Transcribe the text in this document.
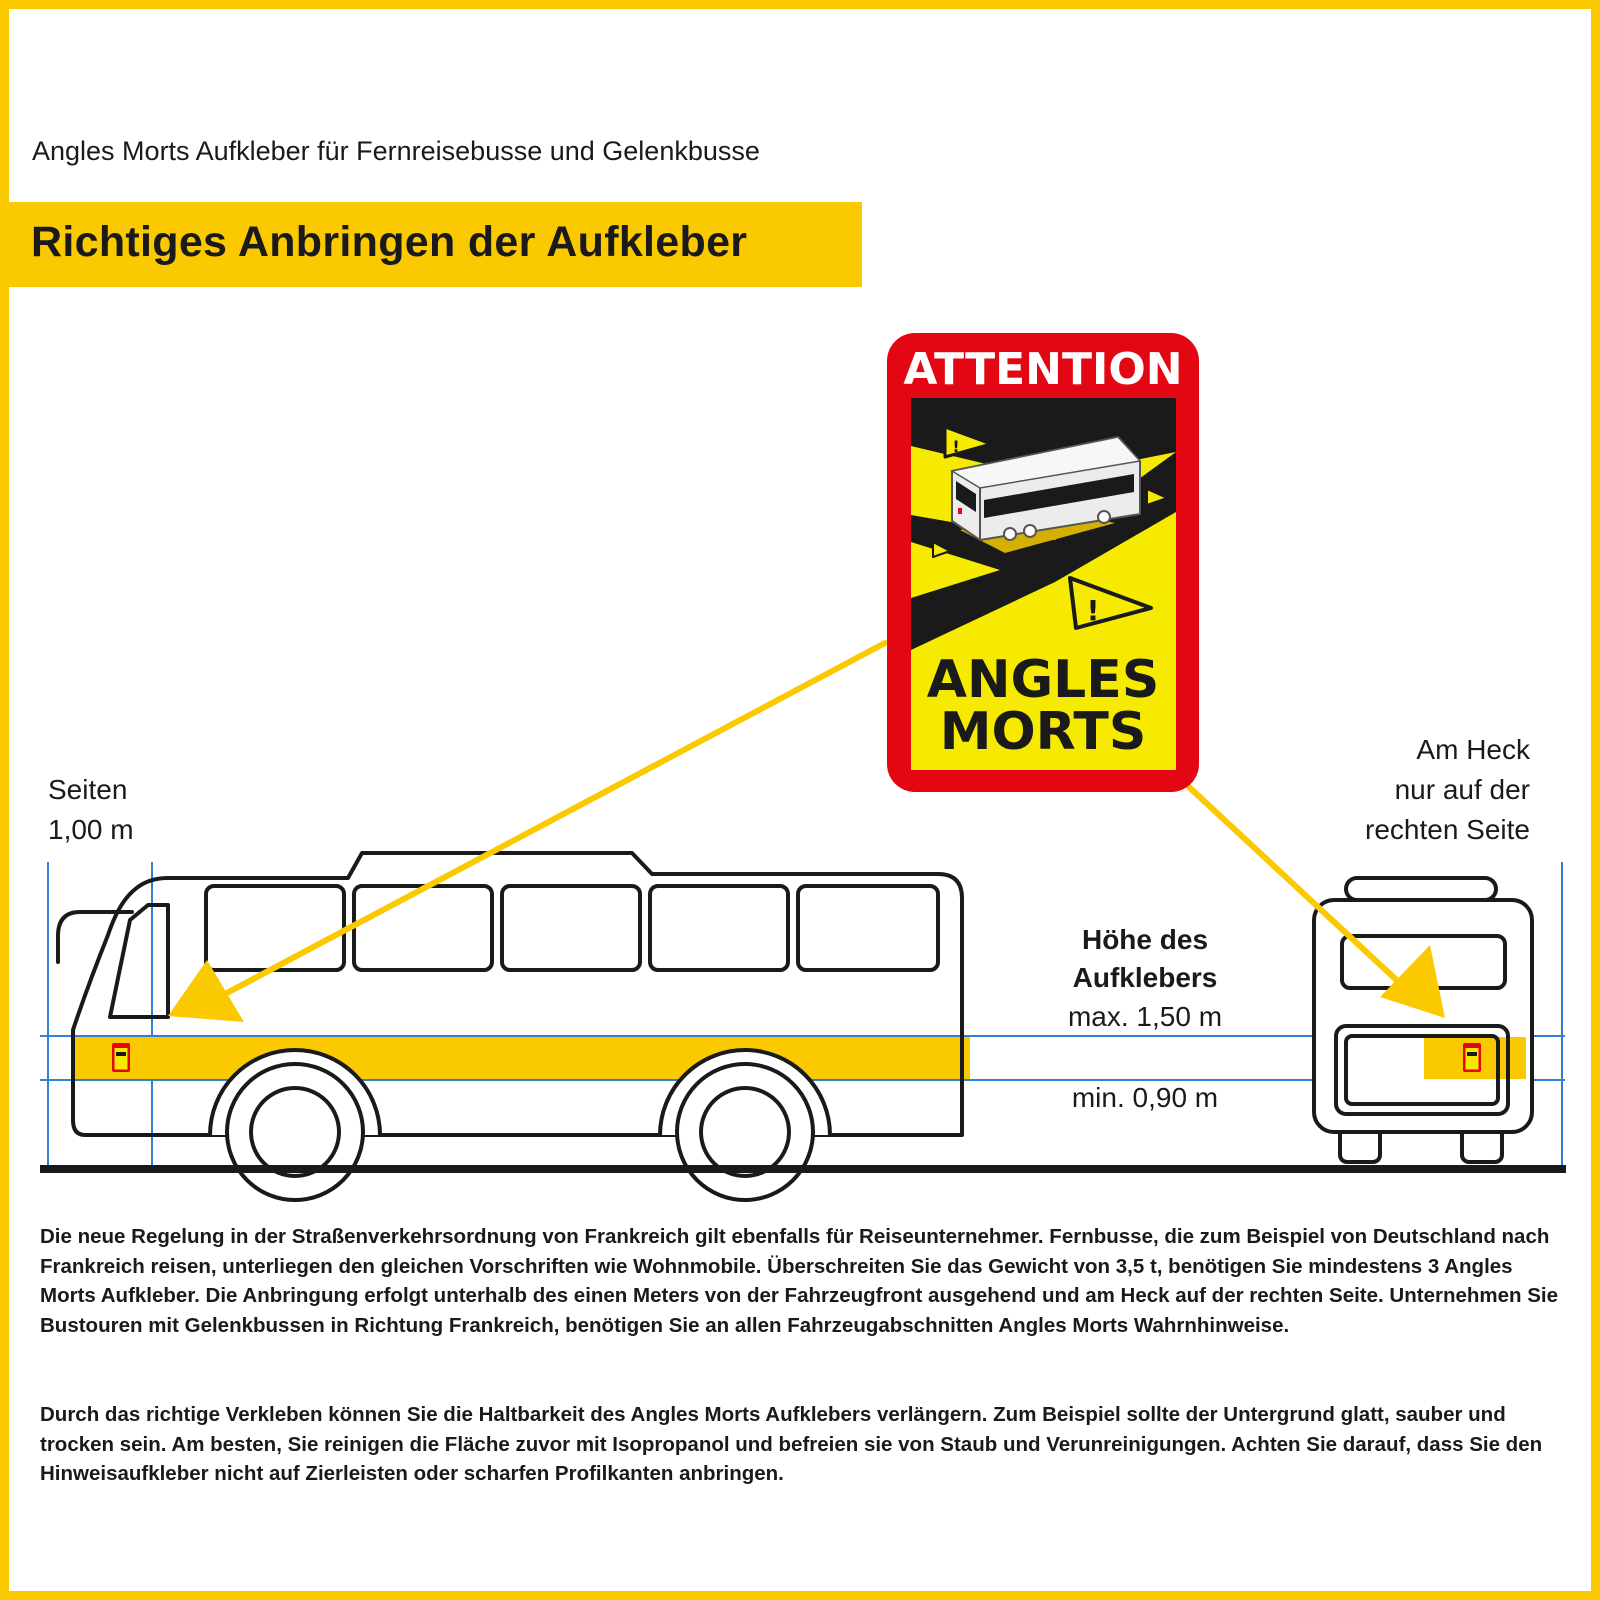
Angles Morts Aufkleber für Fernreisebusse und Gelenkbusse
Richtiges Anbringen der Aufkleber
ATTENTION
!
!
ANGLES
MORTS
Seiten
1,00 m
Am Heck
nur auf der
rechten Seite
Höhe des
Aufklebers
max. 1,50 m
min. 0,90 m
Die neue Regelung in der Straßenverkehrsordnung von Frankreich gilt ebenfalls für Reiseunternehmer. Fernbusse, die zum Beispiel von Deutschland nach Frankreich reisen, unterliegen den gleichen Vorschriften wie Wohnmobile. Überschreiten Sie das Gewicht von 3,5 t, benötigen Sie mindestens 3 Angles Morts Aufkleber. Die Anbringung erfolgt unterhalb des einen Meters von der Fahrzeugfront ausgehend und am Heck auf der rechten Seite. Unternehmen Sie Bustouren mit Gelenkbussen in Richtung Frankreich, benötigen Sie an allen Fahrzeugabschnitten Angles Morts Wahrnhinweise.
Durch das richtige Verkleben können Sie die Haltbarkeit des Angles Morts Aufklebers verlängern. Zum Beispiel sollte der Untergrund glatt, sauber und trocken sein. Am besten, Sie reinigen die Fläche zuvor mit Isopropanol und befreien sie von Staub und Verunreinigungen. Achten Sie darauf, dass Sie den Hinweisaufkleber nicht auf Zierleisten oder scharfen Profilkanten anbringen.
